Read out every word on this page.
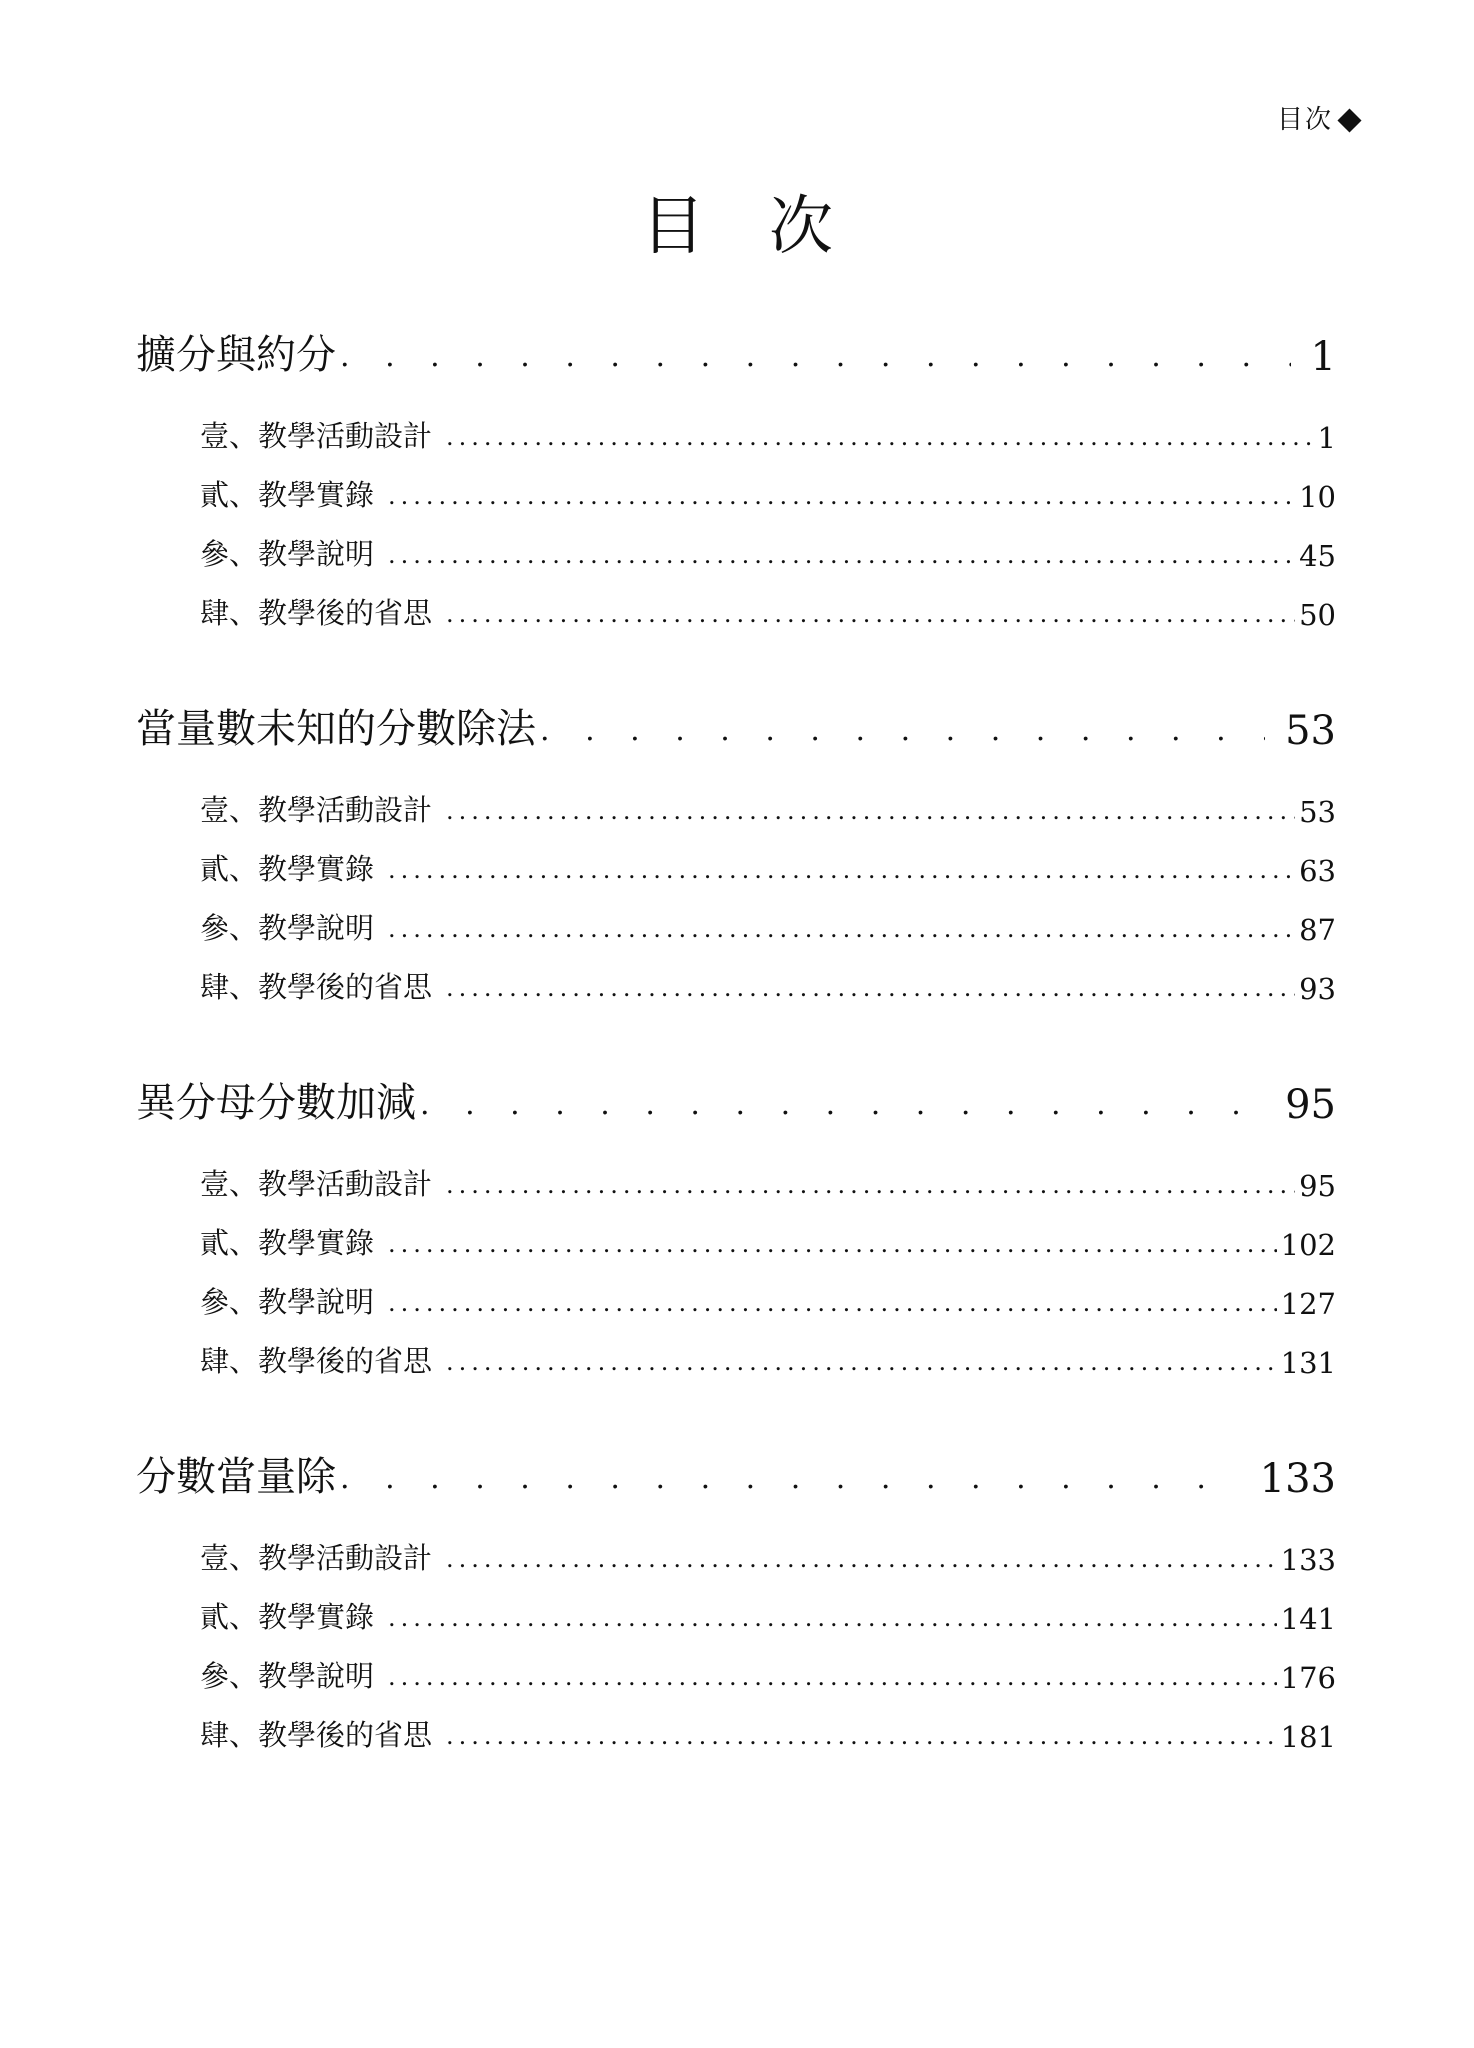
目次
目　次
擴分與約分 . . .	1
壹、教學活動設計 .....	1
貳、教學實錄 .....	10
參、教學說明 .....	45
肆、教學後的省思 .....	50
當量數未知的分數除法 . . .	53
壹、教學活動設計 .....	53
貳、教學實錄 .....	63
參、教學說明 .....	87
肆、教學後的省思 .....	93
異分母分數加減 . . .	95
壹、教學活動設計 .....	95
貳、教學實錄 .....	102
參、教學說明 .....	127
肆、教學後的省思 .....	131
分數當量除 . . .	133
壹、教學活動設計 .....	133
貳、教學實錄 .....	141
參、教學說明 .....	176
肆、教學後的省思 .....	181
